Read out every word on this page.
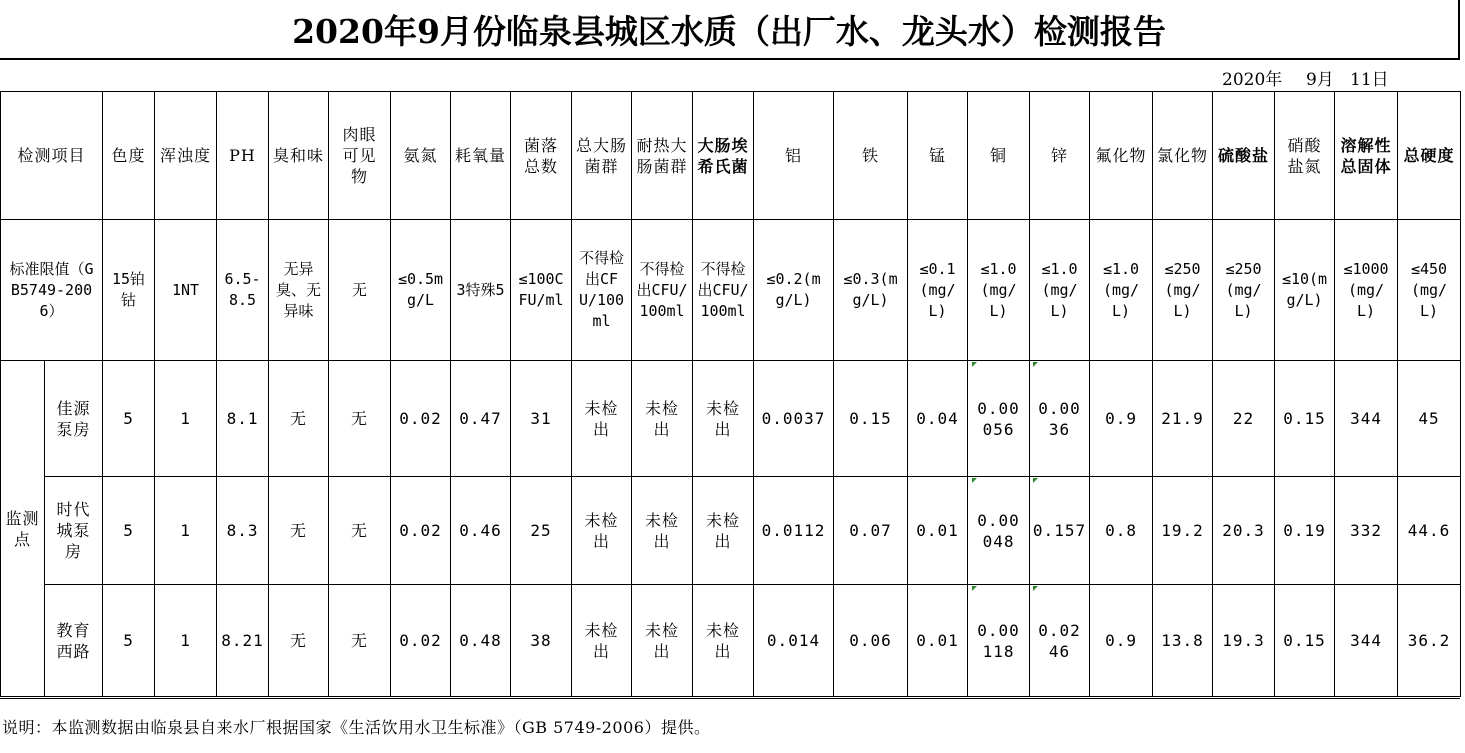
2020年9月份临泉县城区水质（出厂水、龙头水）检测报告
2020年 9月 11日
检测项目		色度	浑浊度	PH	臭和味	肉眼可见物	氨氮	耗氧量	菌落总数	总大肠菌群	耐热大肠菌群	大肠埃希氏菌	铝	铁	锰	铜	锌	氟化物	氯化物	硫酸盐	硝酸盐氮	溶解性总固体	总硬度

标准限值（GB5749-2006）		15铂钴	1NT	6.5-8.5	无异臭、无异味	无	≤0.5mg/L	3特殊5	≤100CFU/ml	不得检出CFU/100ml	不得检出CFU/100ml	不得检出CFU/100ml	≤0.2(mg/L)	≤0.3(mg/L)	≤0.1(mg/L)	≤1.0(mg/L)	≤1.0(mg/L)	≤1.0(mg/L)	≤250(mg/L)	≤250(mg/L)	≤10(mg/L)	≤1000(mg/L)	≤450(mg/L)

监测点	佳源泵房	5	1	8.1	无	无	0.02	0.47	31	未检出	未检出	未检出	0.0037	0.15	0.04	0.00056	0.0036	0.9	21.9	22	0.15	344	45

	时代城泵房	5	1	8.3	无	无	0.02	0.46	25	未检出	未检出	未检出	0.0112	0.07	0.01	0.00048	0.157	0.8	19.2	20.3	0.19	332	44.6

	教育西路	5	1	8.21	无	无	0.02	0.48	38	未检出	未检出	未检出	0.014	0.06	0.01	0.00118	0.0246	0.9	13.8	19.3	0.15	344	36.2
说明：本监测数据由临泉县自来水厂根据国家《生活饮用水卫生标准》（GB 5749-2006）提供。
